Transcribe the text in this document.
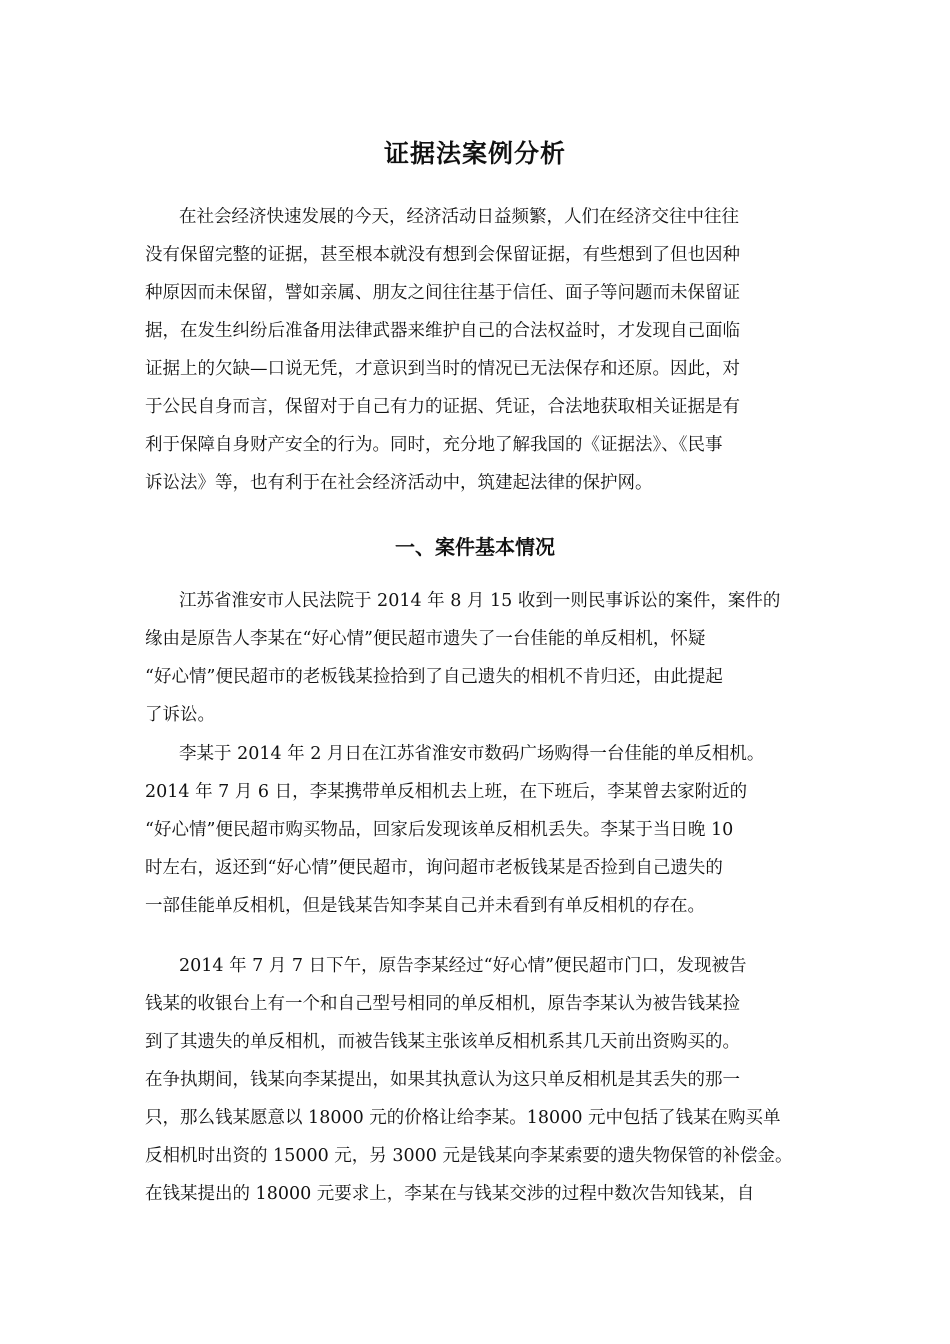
证据法案例分析
在社会经济快速发展的今天，经济活动日益频繁，人们在经济交往中往往
没有保留完整的证据，甚至根本就没有想到会保留证据，有些想到了但也因种
种原因而未保留，譬如亲属、朋友之间往往基于信任、面子等问题而未保留证
据，在发生纠纷后准备用法律武器来维护自己的合法权益时，才发现自己面临
证据上的欠缺—口说无凭，才意识到当时的情况已无法保存和还原。因此，对
于公民自身而言，保留对于自己有力的证据、凭证，合法地获取相关证据是有
利于保障自身财产安全的行为。同时，充分地了解我国的《证据法》、《民事
诉讼法》等，也有利于在社会经济活动中，筑建起法律的保护网。
一、案件基本情况
江苏省淮安市人民法院于 2014 年 8 月 15 收到一则民事诉讼的案件，案件的
缘由是原告人李某在“好心情”便民超市遗失了一台佳能的单反相机，怀疑
“好心情”便民超市的老板钱某捡拾到了自己遗失的相机不肯归还，由此提起
了诉讼。
李某于 2014 年 2 月日在江苏省淮安市数码广场购得一台佳能的单反相机。
2014 年 7 月 6 日，李某携带单反相机去上班，在下班后，李某曾去家附近的
“好心情”便民超市购买物品，回家后发现该单反相机丢失。李某于当日晚 10
时左右，返还到“好心情”便民超市，询问超市老板钱某是否捡到自己遗失的
一部佳能单反相机，但是钱某告知李某自己并未看到有单反相机的存在。
2014 年 7 月 7 日下午，原告李某经过“好心情”便民超市门口，发现被告
钱某的收银台上有一个和自己型号相同的单反相机，原告李某认为被告钱某捡
到了其遗失的单反相机，而被告钱某主张该单反相机系其几天前出资购买的。
在争执期间，钱某向李某提出，如果其执意认为这只单反相机是其丢失的那一
只，那么钱某愿意以 18000 元的价格让给李某。18000 元中包括了钱某在购买单
反相机时出资的 15000 元，另 3000 元是钱某向李某索要的遗失物保管的补偿金。
在钱某提出的 18000 元要求上，李某在与钱某交涉的过程中数次告知钱某，自
